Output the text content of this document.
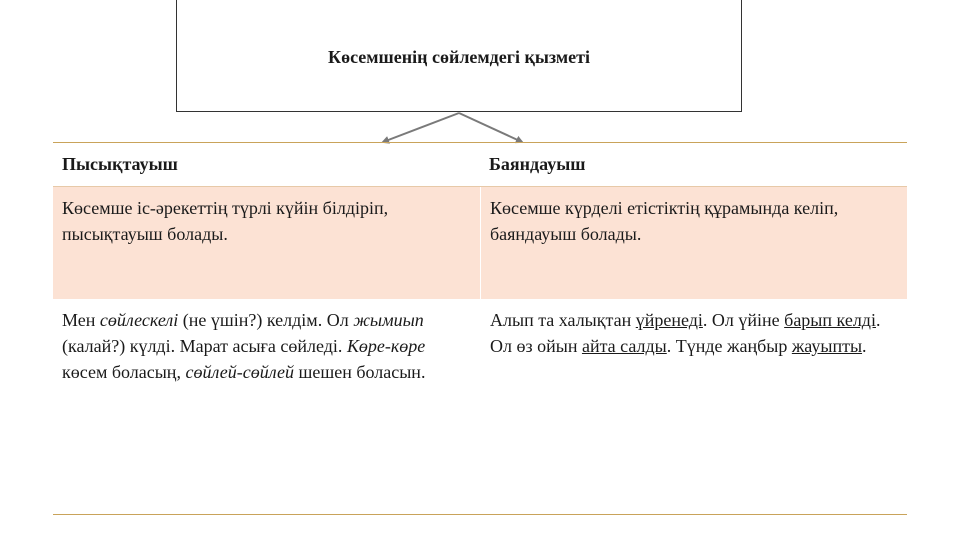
Көсемшенің сөйлемдегі қызметі
Пысықтауыш	Баяндауыш
Көсемше іс-әрекеттің түрлі күйін білдіріп, пысықтауыш болады.
Көсемше күрделі етістіктің құрамында келіп, баяндауыш болады.
Мен сөйлескелі (не үшін?) келдім. Ол жымиып (калай?) күлді. Марат асыға сөйледі. Көре-көре көсем боласың, сөйлей-сөйлей шешен боласын.
Алып та халықтан үйренеді. Ол үйіне барып келді. Ол өз ойын айта салды. Түнде жаңбыр жауыпты.
